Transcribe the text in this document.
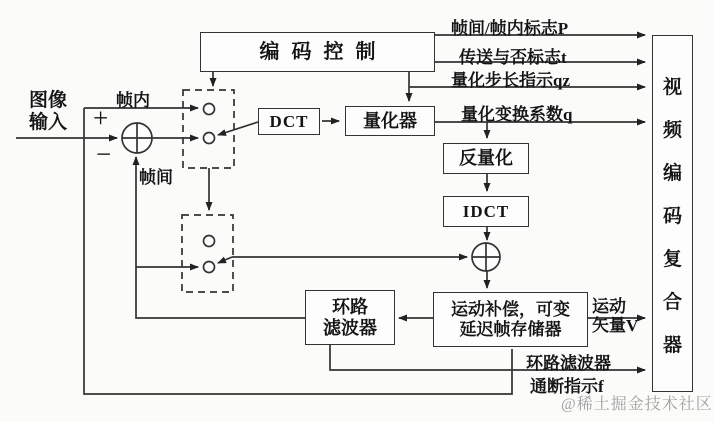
编码控制
DCT	量化器
反量化
IDCT
环路
滤波器
运动补偿，可变
延迟帧存储器
视频编码复合器
图像
输入
帧内
帧间
+
−
帧间/帧内标志P
传送与否标志t
量化步长指示qz
量化变换系数q
运动
矢量V
环路滤波器
通断指示f
@稀土掘金技术社区
